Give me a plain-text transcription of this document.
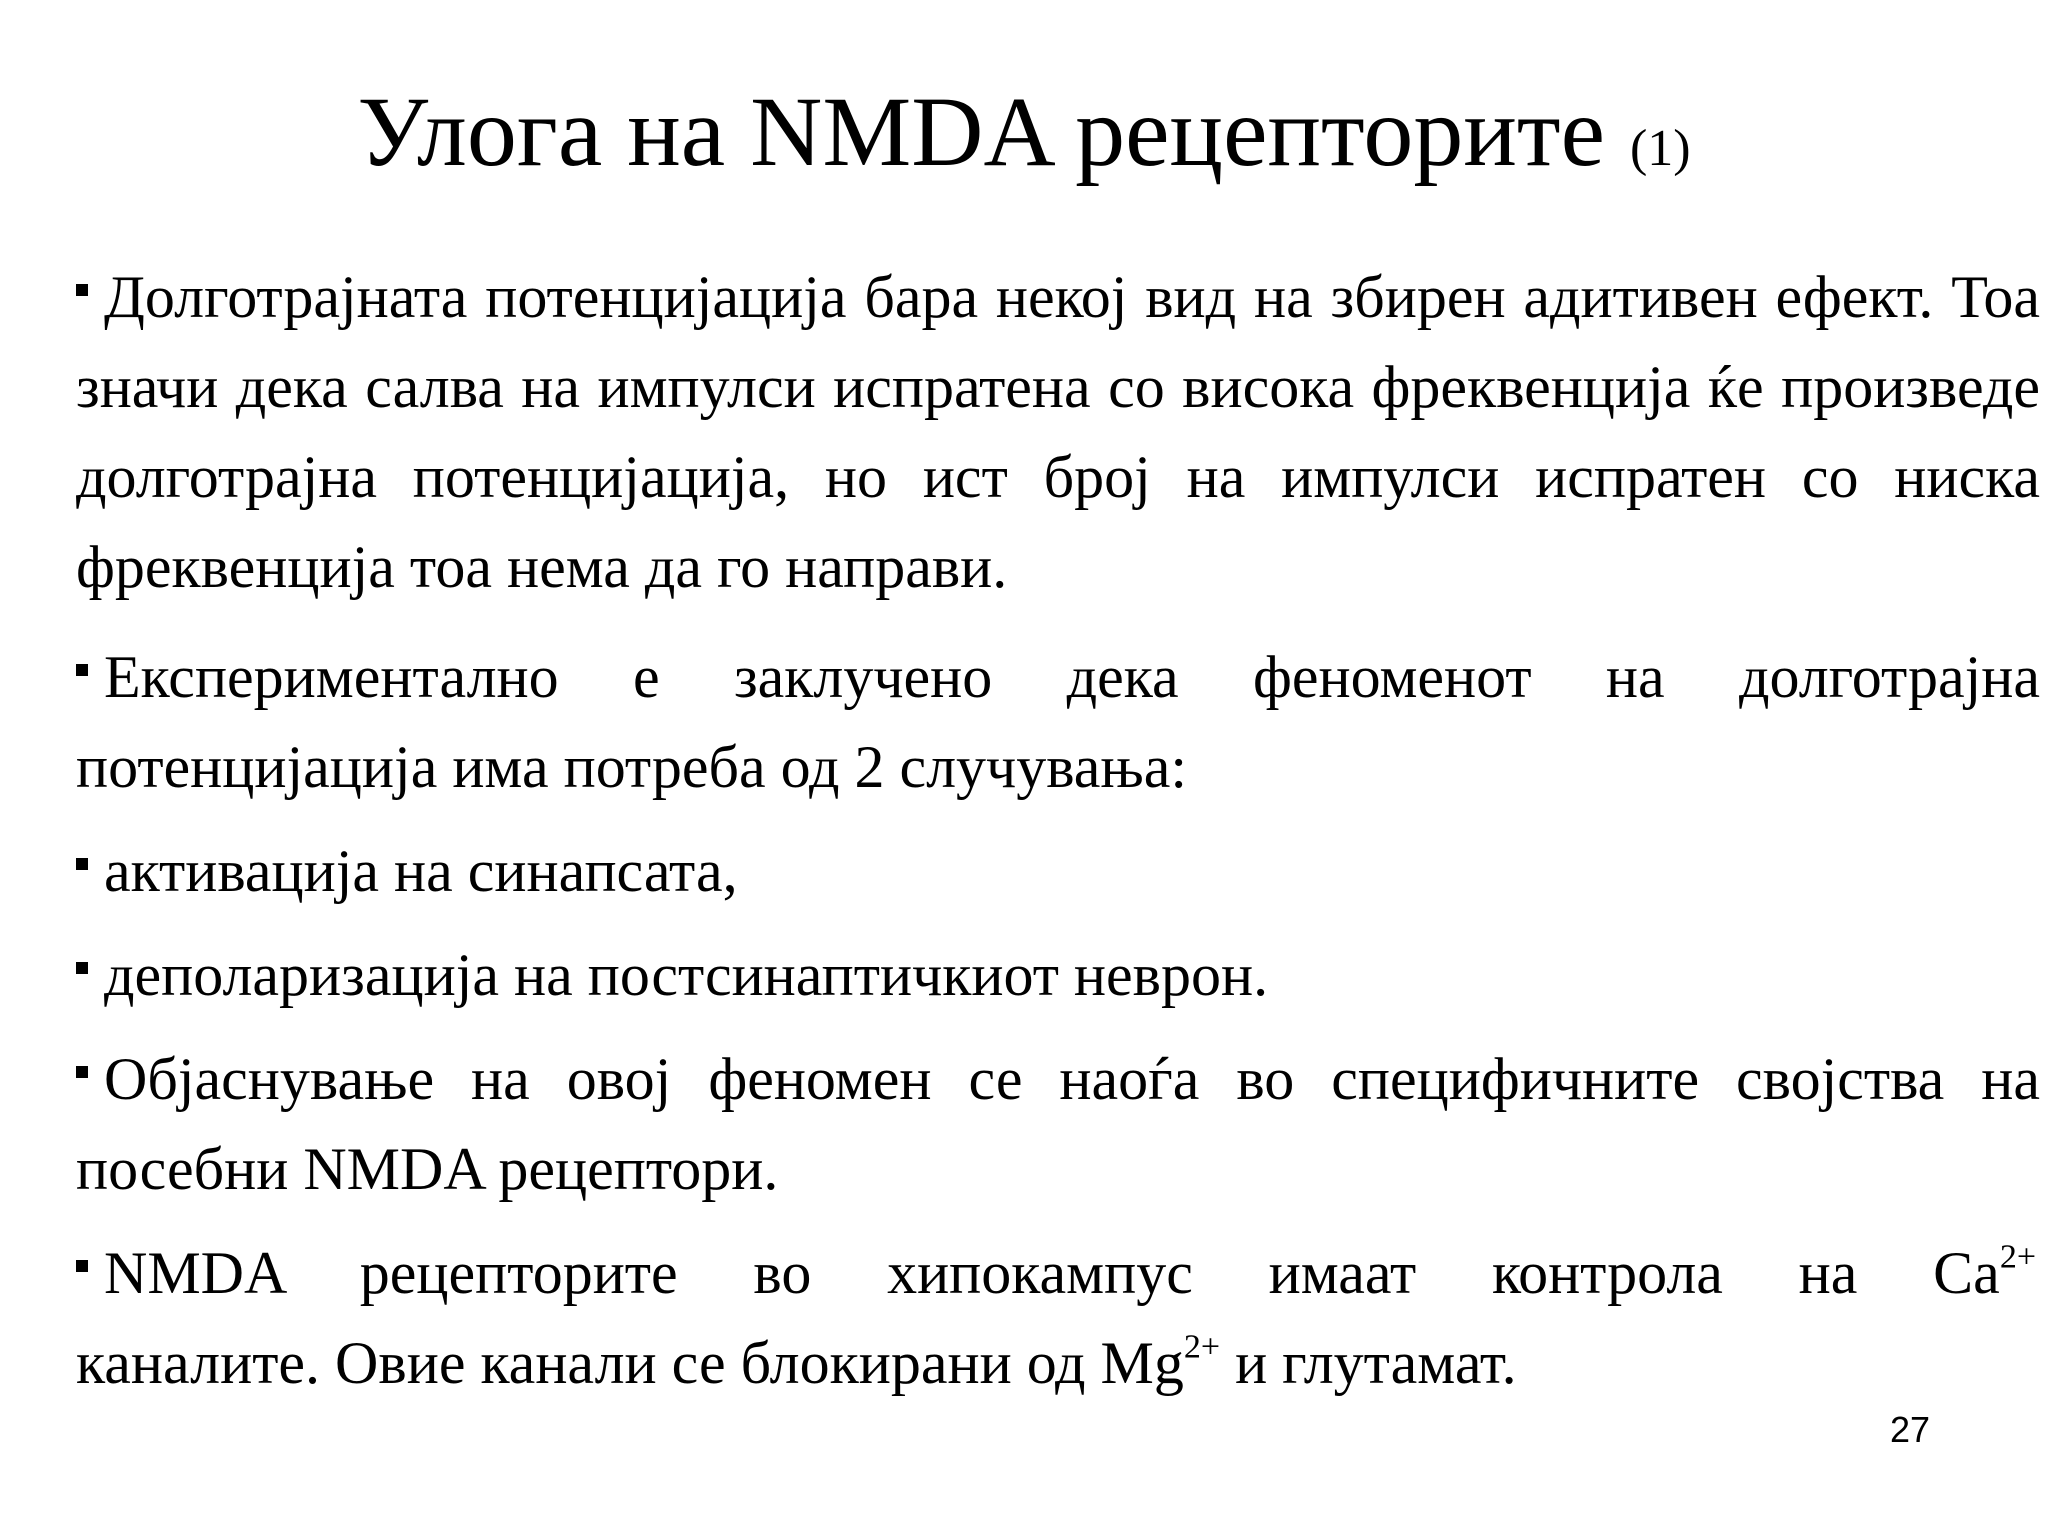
Улога на NMDA рецепторите (1)
Долготрајната потенцијација бара некој вид на збирен адитивен ефект. Тоа значи дека салва на импулси испратена со висока фреквенција ќе произведе долготрајна потенцијација, но ист број на импулси испратен со ниска фреквенција тоа нема да го направи.
Експериментално е заклучено дека феноменот на долготрајна потенцијација има потреба од 2 случувања:
активација на синапсата,
деполаризација на постсинаптичкиот неврон.
Објаснување на овој феномен се наоѓа во специфичните својства на посебни NMDA рецептори.
NMDA рецепторите во хипокампус имаат контрола на $Ca^{2+}$
каналите. Овие канали се блокирани од $Mg^{2+}$ и глутамат.
27
